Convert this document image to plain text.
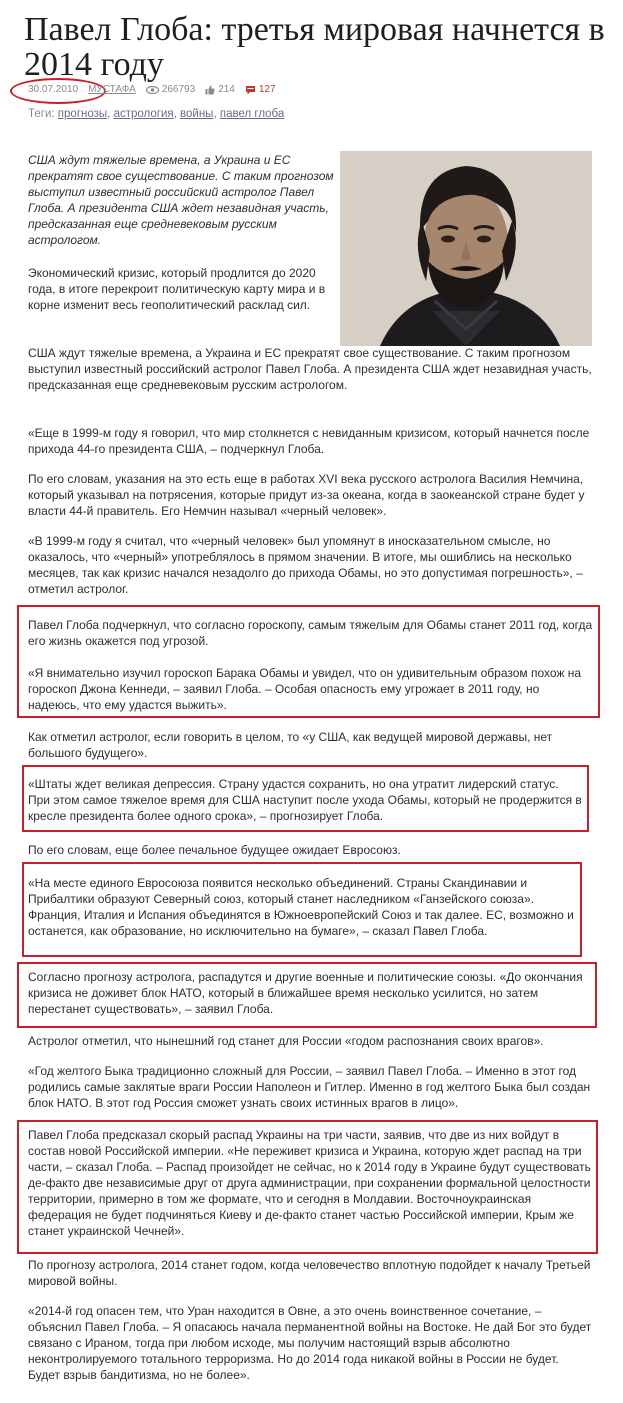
Павел Глоба: третья мировая начнется в 2014 году
30.07.2010 МУСТАФА	266793 214 127
Теги: прогнозы, астрология, войны, павел глоба

США ждут тяжелые времена, а Украина и ЕС прекратят свое существование. С таким прогнозом выступил известный российский астролог Павел Глоба. А президента США ждет незавидная участь, предсказанная еще средневековым русским астрологом.

Экономический кризис, который продлится до 2020 года, в итоге перекроит политическую карту мира и в корне изменит весь геополитический расклад сил.

США ждут тяжелые времена, а Украина и ЕС прекратят свое существование. С таким прогнозом выступил известный российский астролог Павел Глоба. А президента США ждет незавидная участь, предсказанная еще средневековым русским астрологом.

«Еще в 1999-м году я говорил, что мир столкнется с невиданным кризисом, который начнется после прихода 44-го президента США, – подчеркнул Глоба.

По его словам, указания на это есть еще в работах XVI века русского астролога Василия Немчина, который указывал на потрясения, которые придут из-за океана, когда в заокеанской стране будет у власти 44-й правитель. Его Немчин называл «черный человек».

«В 1999-м году я считал, что «черный человек» был упомянут в иносказательном смысле, но оказалось, что «черный» употреблялось в прямом значении. В итоге, мы ошиблись на несколько месяцев, так как кризис начался незадолго до прихода Обамы, но это допустимая погрешность», – отметил астролог.

Павел Глоба подчеркнул, что согласно гороскопу, самым тяжелым для Обамы станет 2011 год, когда его жизнь окажется под угрозой.

«Я внимательно изучил гороскоп Барака Обамы и увидел, что он удивительным образом похож на гороскоп Джона Кеннеди, – заявил Глоба. – Особая опасность ему угрожает в 2011 году, но надеюсь, что ему удастся выжить».

Как отметил астролог, если говорить в целом, то «у США, как ведущей мировой державы, нет большого будущего».

«Штаты ждет великая депрессия. Страну удастся сохранить, но она утратит лидерский статус. При этом самое тяжелое время для США наступит после ухода Обамы, который не продержится в кресле президента более одного срока», – прогнозирует Глоба.

По его словам, еще более печальное будущее ожидает Евросоюз.

«На месте единого Евросоюза появится несколько объединений. Страны Скандинавии и Прибалтики образуют Северный союз, который станет наследником «Ганзейского союза». Франция, Италия и Испания объединятся в Южноевропейский Союз и так далее. ЕС, возможно и останется, как образование, но исключительно на бумаге», – сказал Павел Глоба.

Согласно прогнозу астролога, распадутся и другие военные и политические союзы. «До окончания кризиса не доживет блок НАТО, который в ближайшее время несколько усилится, но затем перестанет существовать», – заявил Глоба.

Астролог отметил, что нынешний год станет для России «годом распознания своих врагов».

«Год желтого Быка традиционно сложный для России, – заявил Павел Глоба. – Именно в этот год родились самые заклятые враги России Наполеон и Гитлер. Именно в год желтого Быка был создан блок НАТО. В этот год Россия сможет узнать своих истинных врагов в лицо».

Павел Глоба предсказал скорый распад Украины на три части, заявив, что две из них войдут в состав новой Российской империи. «Не переживет кризиса и Украина, которую ждет распад на три части, – сказал Глоба. – Распад произойдет не сейчас, но к 2014 году в Украине будут существовать де-факто две независимые друг от друга администрации, при сохранении формальной целостности территории, примерно в том же формате, что и сегодня в Молдавии. Восточноукраинская федерация не будет подчиняться Киеву и де-факто станет частью Российской империи, Крым же станет украинской Чечней».

По прогнозу астролога, 2014 станет годом, когда человечество вплотную подойдет к началу Третьей мировой войны.

«2014-й год опасен тем, что Уран находится в Овне, а это очень воинственное сочетание, – объяснил Павел Глоба. – Я опасаюсь начала перманентной войны на Востоке. Не дай Бог это будет связано с Ираном, тогда при любом исходе, мы получим настоящий взрыв абсолютно неконтролируемого тотального терроризма. Но до 2014 года никакой войны в России не будет. Будет взрыв бандитизма, но не более».
